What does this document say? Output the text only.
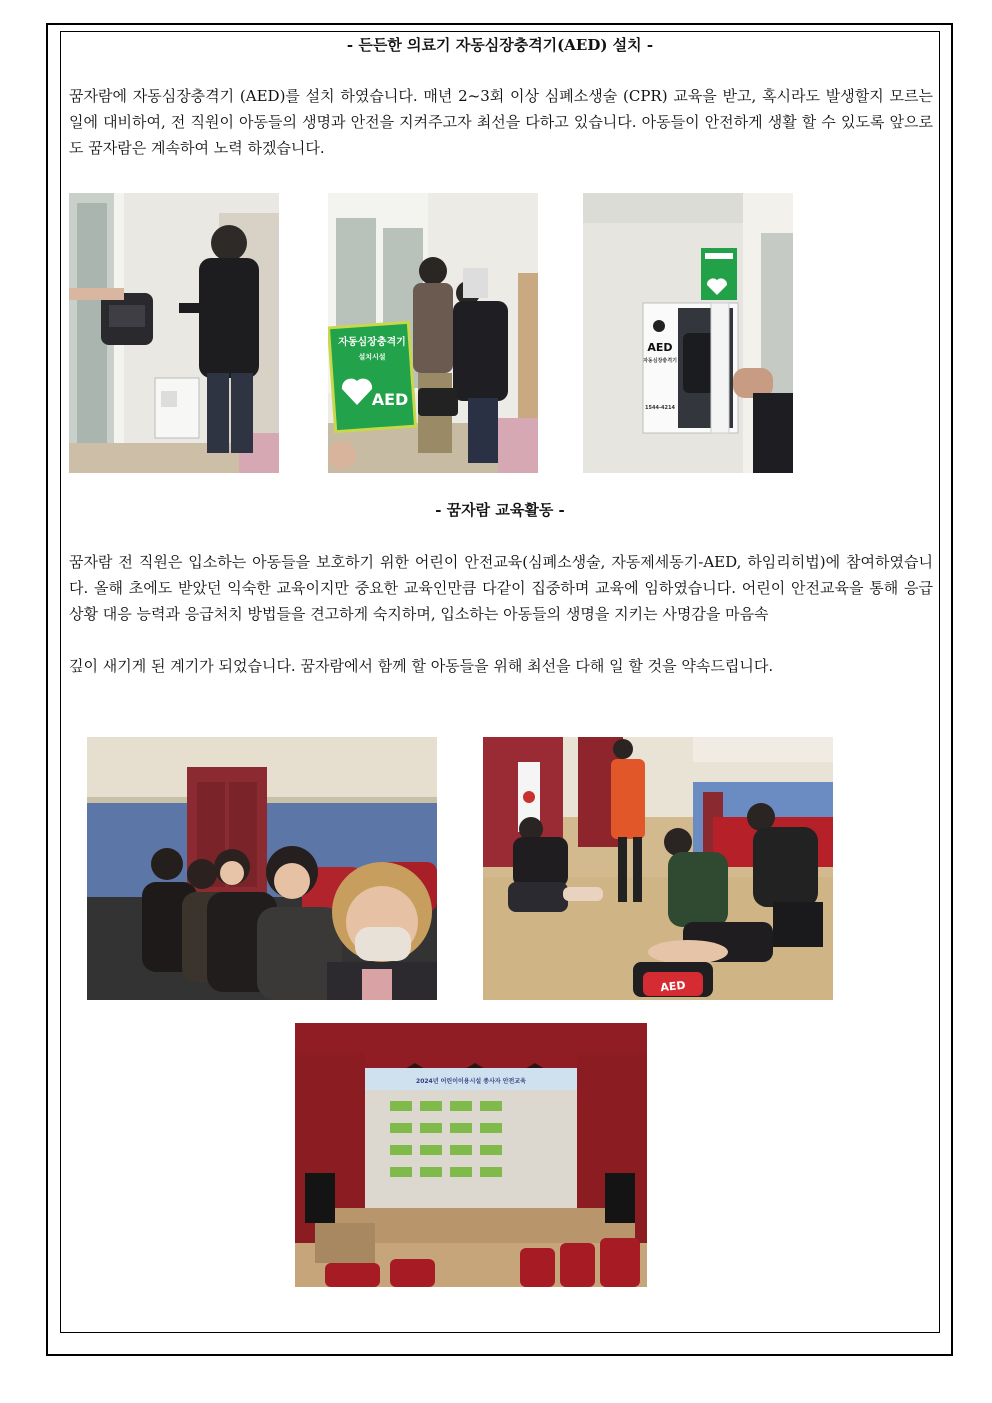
- 든든한 의료기 자동심장충격기(AED) 설치 -

꿈자람에 자동심장충격기 (AED)를 설치 하였습니다. 매년 2~3회 이상 심폐소생술 (CPR) 교육을 받고, 혹시라도 발생할지 모르는 일에 대비하여, 전 직원이 아동들의 생명과 안전을 지켜주고자 최선을 다하고 있습니다. 아동들이 안전하게 생활 할 수 있도록 앞으로도 꿈자람은 계속하여 노력 하겠습니다.

자동심장충격기
설치시설
AED
AED
자동심장충격기
1544-4214
- 꿈자람 교육활동 -

꿈자람 전 직원은 입소하는 아동들을 보호하기 위한 어린이 안전교육(심폐소생술, 자동제세동기-AED, 하임리히법)에 참여하였습니다. 올해 초에도 받았던 익숙한 교육이지만 중요한 교육인만큼 다같이 집중하며 교육에 임하였습니다. 어린이 안전교육을 통해 응급 상황 대응 능력과 응급처치 방법들을 견고하게 숙지하며, 입소하는 아동들의 생명을 지키는 사명감을 마음속

깊이 새기게 된 계기가 되었습니다. 꿈자람에서 함께 할 아동들을 위해 최선을 다해 일 할 것을 약속드립니다.

AED
2024년 어린이이용시설 종사자 안전교육
